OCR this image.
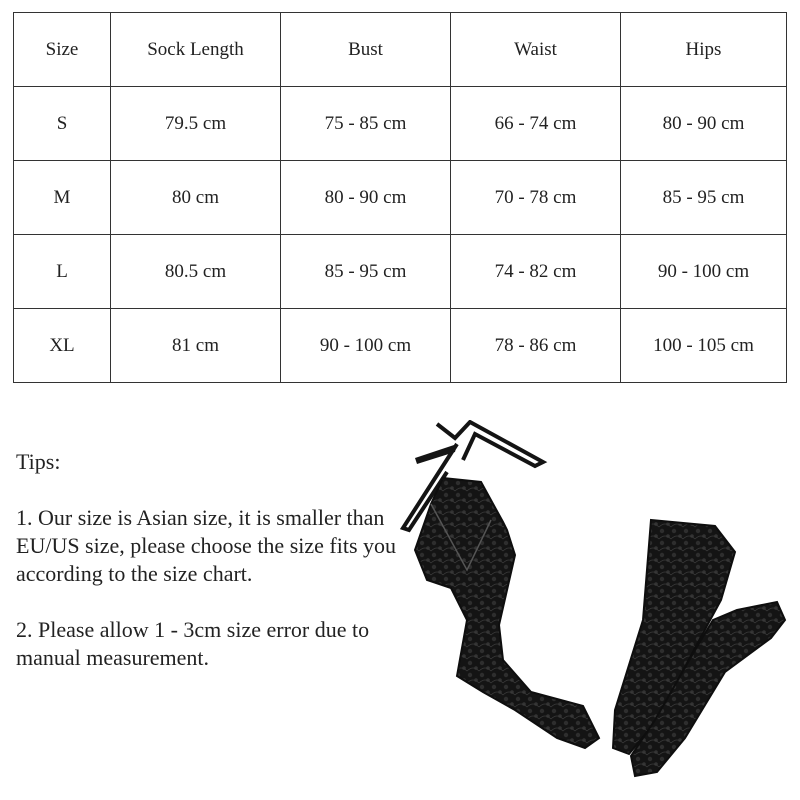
Size	Sock Length	Bust	Waist	Hips
S	79.5 cm	75 - 85 cm	66 - 74 cm	80 - 90 cm
M	80 cm	80 - 90 cm	70 - 78 cm	85 - 95 cm
L	80.5 cm	85 - 95 cm	74 - 82 cm	90 - 100 cm
XL	81 cm	90 - 100 cm	78 - 86 cm	100 - 105 cm

Tips:

1. Our size is Asian size, it is smaller than EU/US size, please choose the size fits you according to the size chart.

2. Please allow 1 - 3cm size error due to manual measurement.
